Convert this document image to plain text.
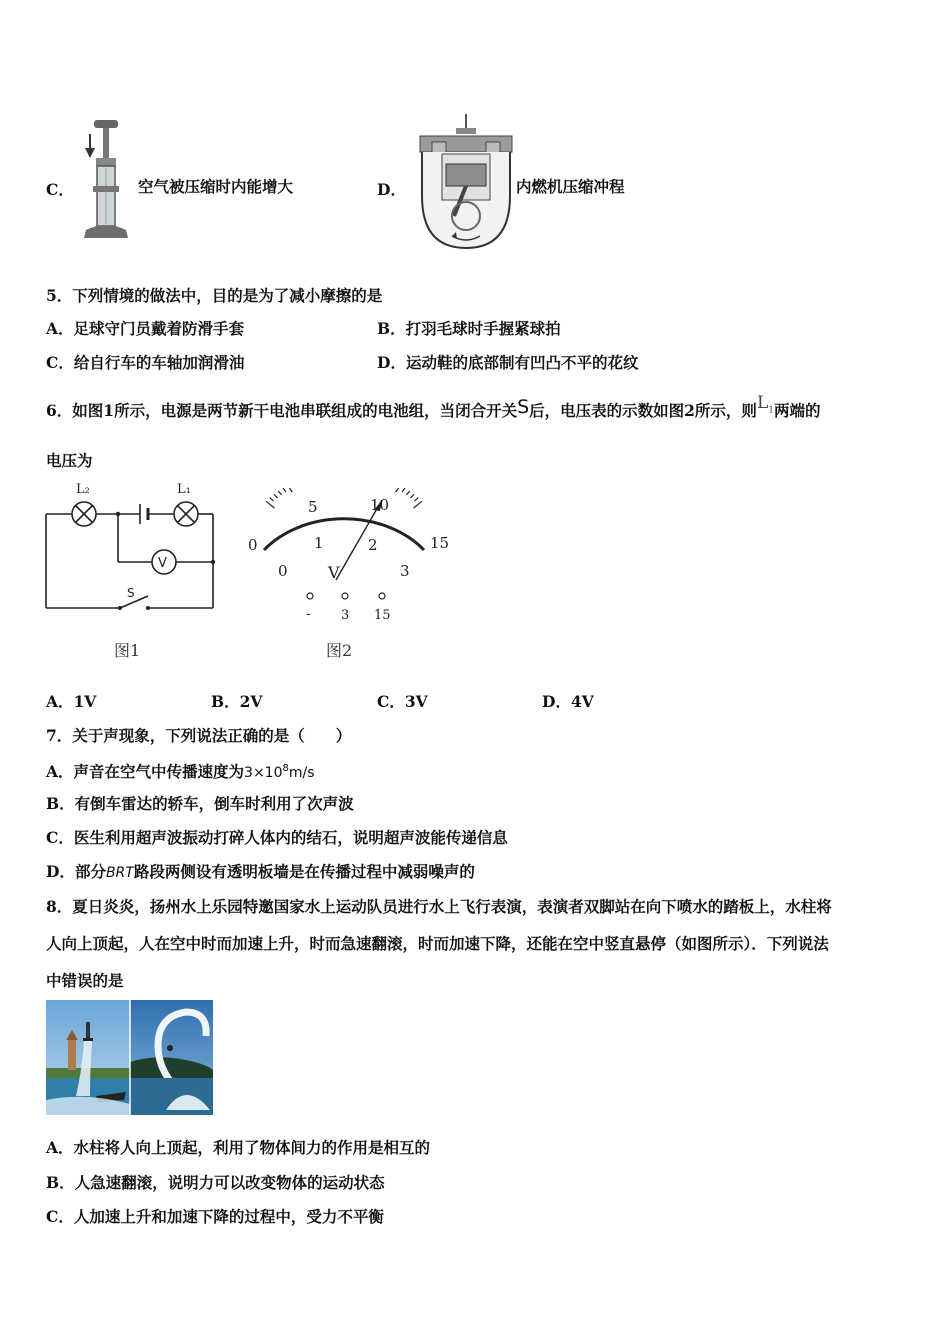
C．	空气被压缩时内能增大	D．	内燃机压缩冲程
5．下列情境的做法中，目的是为了减小摩擦的是
A．足球守门员戴着防滑手套	B．打羽毛球时手握紧球拍
C．给自行车的车轴加润滑油	D．运动鞋的底部制有凹凸不平的花纹
6．如图1所示，电源是两节新干电池串联组成的电池组，当闭合开关S后，电压表的示数如图2所示，则$L_1$两端的
电压为
L₂	L₁
V
S
图1
0
5	10
15
0
1	2
3
V
- 3 15
图2
A．1V	B．2V	C．3V	D．4V
7．关于声现象，下列说法正确的是（　　）
A．声音在空气中传播速度为$3\times 10^8m/s$
B．有倒车雷达的轿车，倒车时利用了次声波
C．医生利用超声波振动打碎人体内的结石，说明超声波能传递信息
D．部分BRT路段两侧设有透明板墙是在传播过程中减弱噪声的
8．夏日炎炎，扬州水上乐园特邀国家水上运动队员进行水上飞行表演，表演者双脚站在向下喷水的踏板上，水柱将
人向上顶起，人在空中时而加速上升，时而急速翻滚，时而加速下降，还能在空中竖直悬停（如图所示）．下列说法
中错误的是
A．水柱将人向上顶起，利用了物体间力的作用是相互的
B．人急速翻滚，说明力可以改变物体的运动状态
C．人加速上升和加速下降的过程中，受力不平衡
